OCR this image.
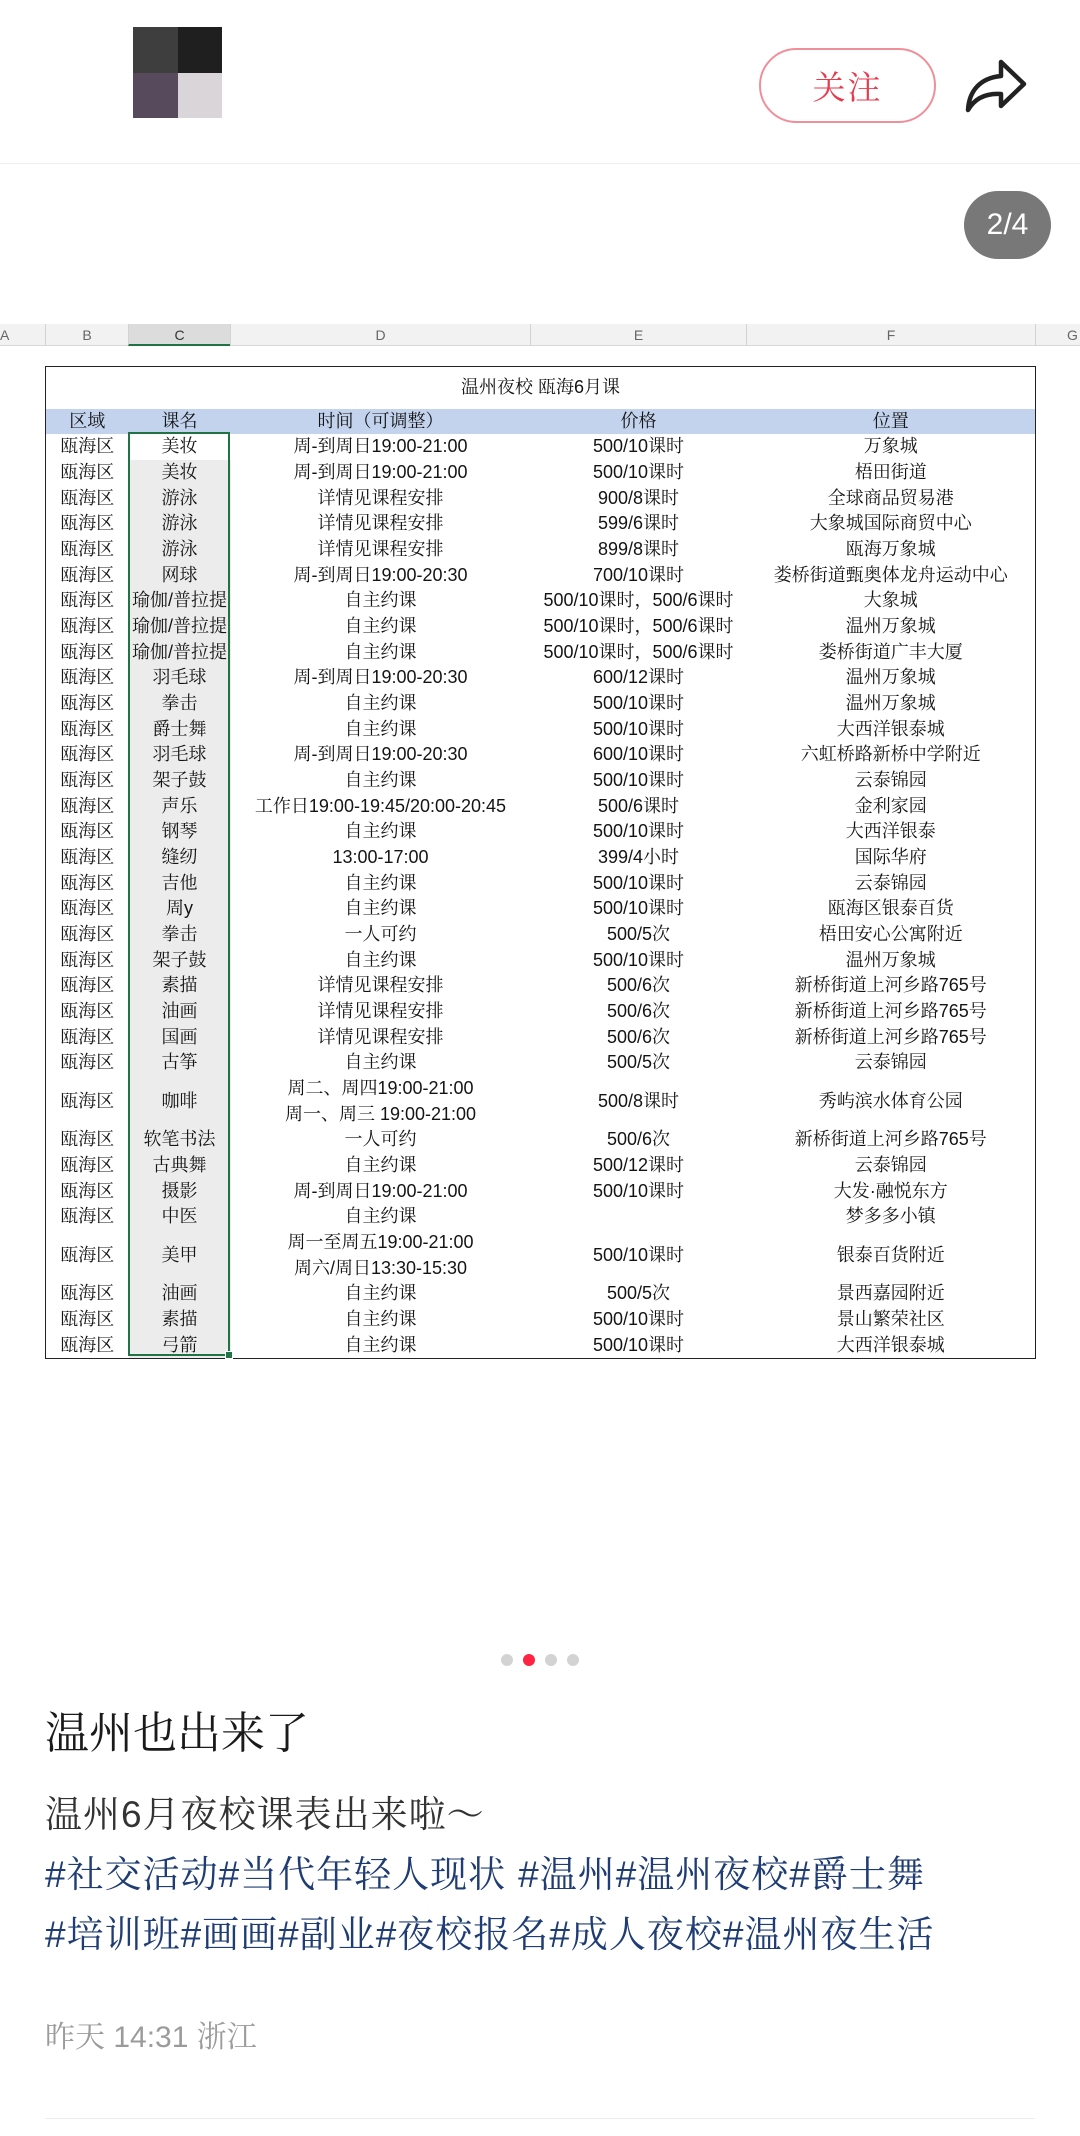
关注
2/4
A	B	C	D	E	F	G
温州夜校 瓯海6月课				
区域	课名	时间（可调整）	价格	位置
瓯海区	美妆	周-到周日19:00-21:00	500/10课时	万象城
瓯海区	美妆	周-到周日19:00-21:00	500/10课时	梧田街道
瓯海区	游泳	详情见课程安排	900/8课时	全球商品贸易港
瓯海区	游泳	详情见课程安排	599/6课时	大象城国际商贸中心
瓯海区	游泳	详情见课程安排	899/8课时	瓯海万象城
瓯海区	网球	周-到周日19:00-20:30	700/10课时	娄桥街道甄奥体龙舟运动中心
瓯海区	瑜伽/普拉提	自主约课	500/10课时，500/6课时	大象城
瓯海区	瑜伽/普拉提	自主约课	500/10课时，500/6课时	温州万象城
瓯海区	瑜伽/普拉提	自主约课	500/10课时，500/6课时	娄桥街道广丰大厦
瓯海区	羽毛球	周-到周日19:00-20:30	600/12课时	温州万象城
瓯海区	拳击	自主约课	500/10课时	温州万象城
瓯海区	爵士舞	自主约课	500/10课时	大西洋银泰城
瓯海区	羽毛球	周-到周日19:00-20:30	600/10课时	六虹桥路新桥中学附近
瓯海区	架子鼓	自主约课	500/10课时	云泰锦园
瓯海区	声乐	工作日19:00-19:45/20:00-20:45	500/6课时	金利家园
瓯海区	钢琴	自主约课	500/10课时	大西洋银泰
瓯海区	缝纫	13:00-17:00	399/4小时	国际华府
瓯海区	吉他	自主约课	500/10课时	云泰锦园
瓯海区	周y	自主约课	500/10课时	瓯海区银泰百货
瓯海区	拳击	一人可约	500/5次	梧田安心公寓附近
瓯海区	架子鼓	自主约课	500/10课时	温州万象城
瓯海区	素描	详情见课程安排	500/6次	新桥街道上河乡路765号
瓯海区	油画	详情见课程安排	500/6次	新桥街道上河乡路765号
瓯海区	国画	详情见课程安排	500/6次	新桥街道上河乡路765号
瓯海区	古筝	自主约课	500/5次	云泰锦园
瓯海区	咖啡	周二、周四19:00-21:00
周一、周三 19:00-21:00	500/8课时	秀屿滨水体育公园
瓯海区	软笔书法	一人可约	500/6次	新桥街道上河乡路765号
瓯海区	古典舞	自主约课	500/12课时	云泰锦园
瓯海区	摄影	周-到周日19:00-21:00	500/10课时	大发·融悦东方
瓯海区	中医	自主约课		梦多多小镇
瓯海区	美甲	周一至周五19:00-21:00
周六/周日13:30-15:30	500/10课时	银泰百货附近
瓯海区	油画	自主约课	500/5次	景西嘉园附近
瓯海区	素描	自主约课	500/10课时	景山繁荣社区
瓯海区	弓箭	自主约课	500/10课时	大西洋银泰城
温州也出来了
温州6月夜校课表出来啦～
#社交活动#当代年轻人现状 #温州#温州夜校#爵士舞
#培训班#画画#副业#夜校报名#成人夜校#温州夜生活
昨天 14:31 浙江
